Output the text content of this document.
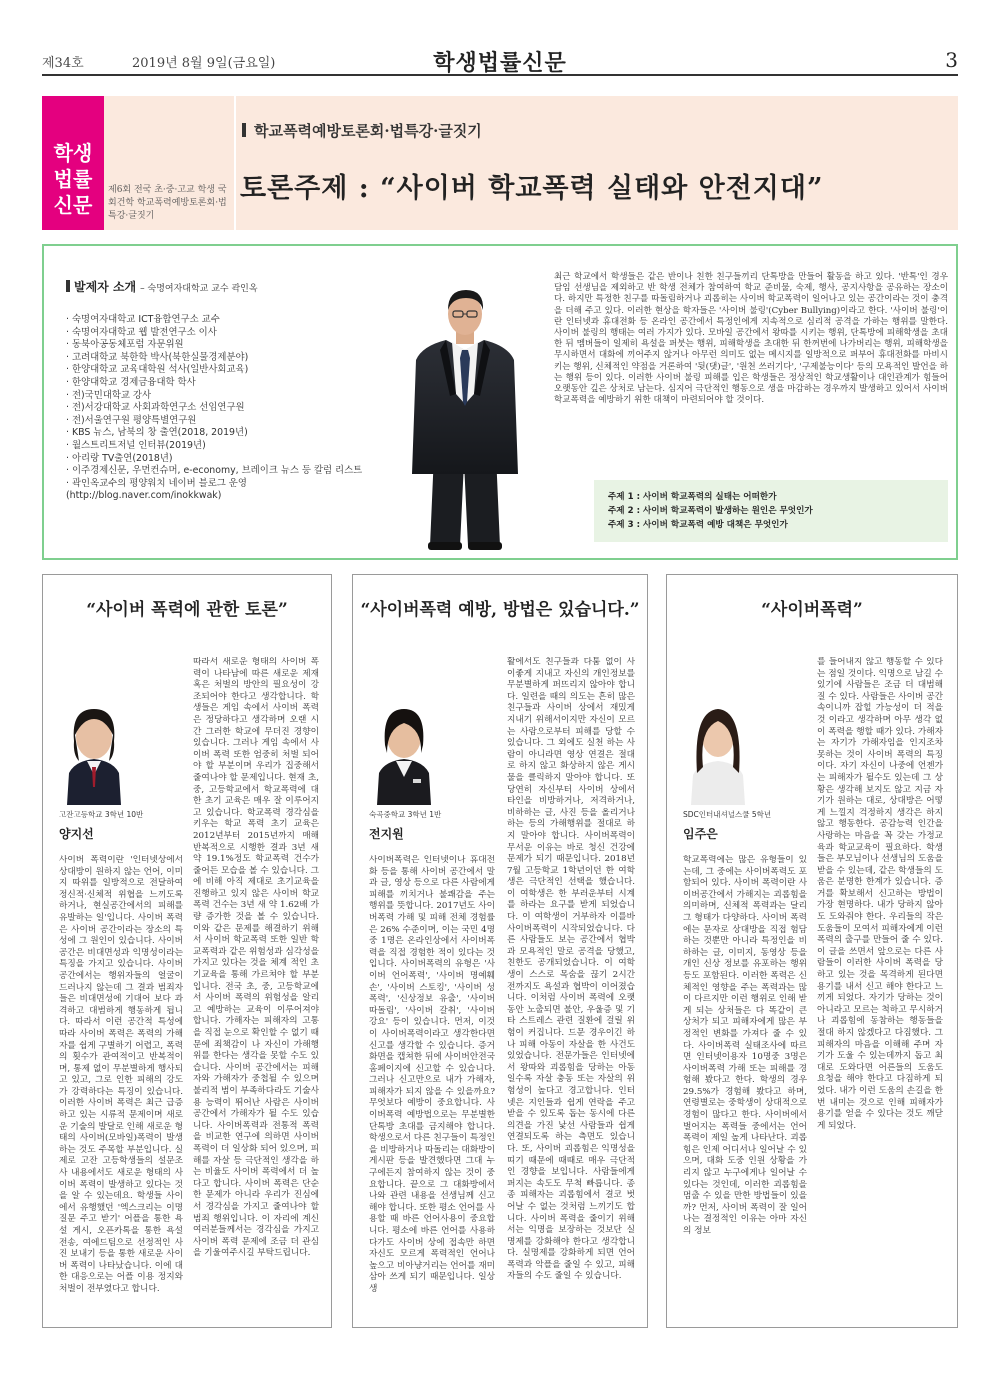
제34호	2019년 8월 9일(금요일)	학생법률신문	3
학생
법률
신문
제6회 전국 초·중·고교 학생 국회건학 학교폭력예방토론회·법특강·글짓기
학교폭력예방토론회·법특강·글짓기
토론주제 : “사이버 학교폭력 실태와 안전지대”
발제자 소개 – 숙명여자대학교 교수 곽인옥
· 숙명여자대학교 ICT융합연구소 교수
· 숙명여자대학교 웹 발전연구소 이사
· 동북아공동체포럼 자문위원
· 고려대학교 북한학 박사(북한실물경제분야)
· 한양대학교 교육대학원 석사(일반사회교육)
· 한양대학교 경제금융대학 학사
· 전)국민대학교 강사
· 전)서강대학교 사회과학연구소 선임연구원
· 전)서울연구원 평양특별연구원
· KBS 뉴스, 남북의 창 출연(2018, 2019년)
· 월스트리트저널 인터뷰(2019년)
· 아리랑 TV출연(2018년)
· 이주경제신문, 우먼컨슈머, e-economy, 브레이크 뉴스 등 칼럼 리스트
· 곽인옥교수의 평양워치 네이버 블로그 운영
(http://blog.naver.com/inokkwak)
최근 학교에서 학생들은 같은 반이나 친한 친구들끼리 단톡방을 만들어 활동을 하고 있다. '반톡'인 경우 담임 선생님을 제외하고 반 학생 전체가 참여하여 학교 준비물, 숙제, 행사, 공지사항을 공유하는 장소이다. 하지만 특정한 친구를 따돌림하거나 괴롭히는 사이버 학교폭력이 일어나고 있는 공간이라는 것이 충격을 더해 주고 있다. 이러한 현상을 학자들은 '사이버 불링'(Cyber Bullying)이라고 한다. '사이버 불링'이란 인터넷과 휴대전화 등 온라인 공간에서 특정인에게 지속적으로 심리적 공격을 가하는 행위를 말한다. 사이버 불링의 행태는 여러 가지가 있다. 모바일 공간에서 왕따를 시키는 행위, 단톡방에 피해학생을 초대한 뒤 멤버들이 일제히 욕설을 퍼붓는 행위, 피해학생을 초대한 뒤 한꺼번에 나가버리는 행위, 피해학생을 무시하면서 대화에 끼어주지 않거나 아무런 의미도 없는 메시지를 일방적으로 퍼부어 휴대전화를 마비시키는 행위, 신체적인 약점을 거론하여 '뒷(댓)글', '원천 쓰러기다', '구제불능이다' 등의 모욕적인 발언을 하는 행위 등이 있다. 이러한 사이버 불링 피해를 입은 학생들은 정상적인 학교생활이나 대인관계가 힘들어 오랫동안 깊은 상처로 남는다. 심지어 극단적인 행동으로 생을 마감하는 경우까지 발생하고 있어서 사이버 학교폭력을 예방하기 위한 대책이 마련되어야 할 것이다.
주제 1 : 사이버 학교폭력의 실태는 어떠한가
주제 2 : 사이버 학교폭력이 발생하는 원인은 무엇인가
주제 3 : 사이버 학교폭력 예방 대책은 무엇인가
“사이버 폭력에 관한 토론”
고잔고등학교 3학년 10반
양지선
사이버 폭력이란 '인터넷상에서 상대방이 원하지 않는 언어, 이미지 따위를 일방적으로 전달하여 정신적·신체적 위협을 느끼도록 하거나, 현실공간에서의 피해를 유발하는 일'입니다. 사이버 폭력은 사이버 공간이라는 장소의 특성에 그 원인이 있습니다. 사이버 공간은 비대면성과 익명성이라는 특징을 가지고 있습니다. 사이버 공간에서는 행위자들의 얼굴이 드러나지 않는데 그 결과 범죄자들은 비대면성에 기대어 보다 과격하고 대범하게 행동하게 됩니다. 따라서 이런 공간적 특성에 따라 사이버 폭력은 폭력의 가해자를 쉽게 구별하기 어렵고, 폭력의 횟수가 관여적이고 반복적이며, 통제 없이 무분별하게 행사되고 있고, 그로 인한 피해의 강도가 강력하다는 특징이 있습니다. 이러한 사이버 폭력은 최근 급증하고 있는 시류적 문제이며 새로운 기술의 발달로 인해 새로운 형태의 사이버(모바일)폭력이 발생하는 것도 주목할 부분입니다. 실제로 고잔 고등학생들의 설문조사 내용에서도 새로운 형태의 사이버 폭력이 발생하고 있다는 것을 알 수 있는데요. 학생들 사이에서 유행했던 '엑스크리는 이명 질문 주고 받기' 어플을 통한 욕설 게시, 오픈카톡을 통한 욕설 전송, 여에드팀으로 선정적인 사진 보내기 등을 통한 새로운 사이버 폭력이 나타났습니다. 이에 대한 대응으로는 어플 이용 정지와 처벌이 전부였다고 합니다.
따라서 새로운 형태의 사이버 폭력이 나타남에 따른 새로운 제재 혹은 처벌의 방안의 필요성이 강조되어야 한다고 생각합니다. 학생들은 게임 속에서 사이버 폭력은 정당하다고 생각하며 오랜 시간 그러한 학교에 무더진 경향이 있습니다. 그러나 게임 속에서 사이버 폭력 또한 엄중히 처벌 되어야 할 부분이며 우리가 집중해서 줄여나야 할 문제입니다. 현재 초, 중, 고등학교에서 학교폭력에 대한 초기 교육은 매우 잘 이루어지고 있습니다. 학교폭력 경각심을 키우는 학교 폭력 초기 교육은 2012년부터 2015년까지 매해 반복적으로 시행한 결과 3년 새 약 19.1%정도 학교폭력 건수가 줄어든 모습을 볼 수 있습니다. 그에 비해 아직 제대로 초기교육을 진행하고 있지 않은 사이버 학교폭력 건수는 3년 새 약 1.62배 가량 증가한 것을 볼 수 있습니다. 이와 같은 문제를 해결하기 위해서 사이버 학교폭력 또한 일반 학교폭력과 같은 위험성과 심각성을 가지고 있다는 것을 체계 적인 초기교육을 통해 가르쳐야 할 부분입니다. 전국 초, 중, 고등학교에서 사이버 폭력의 위험성을 알리고 예방하는 교육이 이루어져야 합니다. 가해자는 피해자의 고통을 직접 눈으로 확인할 수 없기 때문에 죄책감이 나 자신이 가해행위를 한다는 생각을 못할 수도 있습니다. 사이버 공간에서는 피해자와 가해자가 중첩될 수 있으며 불리적 범이 부족하다라도 기술사용 능력이 뛰어난 사람은 사이버 공간에서 가해자가 될 수도 있습니다. 사이버폭력과 전통적 폭력을 비교한 연구에 의하면 사이버폭력이 더 일상화 되어 있으며, 피해를 자살 등 극단적인 생각을 하는 비율도 사이버 폭력에서 더 높다고 합니다. 사이버 폭력은 단순한 문제가 아니라 우리가 진심에서 경각심을 가지고 줄여나야 할 범죄 행위입니다. 이 자리에 계신 여러분들께서는 경각심을 가지고 사이버 폭력 문제에 조금 더 관심을 기울여주시길 부탁드립니다.
“사이버폭력 예방, 방법은 있습니다.”
숙곡중학교 3학년 1반
전지원
사이버폭력은 인터넷이나 휴대전화 등을 통해 사이버 공간에서 말과 글, 영상 등으로 다른 사람에게 피해를 끼치거나 불쾌감을 주는 행위를 뜻합니다. 2017년도 사이버폭력 가해 및 피해 전체 경험률은 26% 수준이며, 이는 국민 4명중 1명은 온라인상에서 사이버폭력을 직접 경험한 적이 있다는 것입니다. 사이버폭력의 유형은 '사이버 언어폭력', '사이버 명예훼손', '사이버 스토킹', '사이버 성폭력', '신상정보 유출', '사이버 따돌림', '사이버 갈취', '사이버 강요' 등이 있습니다. 먼저, 이것이 사이버폭력이라고 생각한다면 신고를 생각할 수 있습니다. 증거화면을 캡쳐한 뒤에 사이버안전국 홈페이지에 신고할 수 있습니다. 그러나 신고만으로 내가 가해자, 피해자가 되지 않을 수 있을까요? 무엇보다 예방이 중요합니다. 사이버폭력 예방법으로는 무분별한 단톡방 초대를 금지해야 합니다. 학생으로서 다른 친구들이 특정인을 비방하거나 따돌리는 대화방이 게시판 등을 발견했다면 그대 누구에든지 참여하지 않는 것이 중요합니다. 끝으로 그 대화방에서 나와 관련 내용을 선생님께 신고해야 합니다. 또한 평소 언어를 사용할 때 바른 언어사용이 중요합니다. 평소에 바른 언어를 사용하다가도 사이버 상에 접속만 하면 자신도 모르게 폭력적인 언어나 높으고 비아냥거리는 언어를 재미삼아 쓰게 되기 때문입니다. 일상생
활에서도 친구들과 다툼 없이 사이좋게 지내고 자신의 개인정보를 무분별하게 퍼뜨리지 않아야 합니다. 일련을 때의 의도는 흔히 많은 친구들과 사이버 상에서 재밌게 지내기 위해서이지만 자신이 모르는 사람으로부터 피해를 당할 수 있습니다. 그 외에도 실천 하는 사람이 아니라면 영상 연결은 절대로 하지 않고 화상하지 않은 게시물을 클릭하지 말아야 합니다. 또 당연히 자신부터 사이버 상에서 타인을 비방하거나, 저격하거나, 비하하는 글, 사진 등을 올리거나 하는 등의 가해행위를 절대로 하지 말아야 합니다. 사이버폭력이 무서운 이유는 바로 청신 건강에 문제가 되기 때문입니다. 2018년 7월 고등학교 1학년이던 한 여학생은 극단적인 선택을 했습니다. 이 여학생은 한 부러운부터 시계를 하라는 요구를 받게 되었습니다. 이 여학생이 거부하자 이를바 사이버폭력이 시작되었습니다. 다른 사람들도 보는 공간에서 협박과 모욕적인 말로 공격을 당했고, 친한도 공개되었습니다. 이 여학생이 스스로 목숨을 끊기 2시간 전까지도 욕설과 협박이 이어졌습니다. 이처럼 사이버 폭력에 오랫동안 노출되면 불안, 우울증 및 기타 스트레스 관련 질환에 걸릴 위험이 커집니다. 드문 경우이긴 하나 피해 아동이 자살을 한 사건도 있었습니다. 전문가들은 인터넷에서 왕따와 괴롭힘을 당하는 아동일수록 자살 충동 또는 자살의 위험성이 높다고 경고합니다. 인터넷은 지인들과 쉽게 연락을 주고받을 수 있도록 돕는 동시에 다른 의견을 가진 낯선 사람들과 쉽게 연결되도록 하는 측면도 있습니다. 또, 사이버 괴롭힘은 익명성을 띠기 때문에 때때로 매우 극단적인 경향을 보입니다. 사람들에게 퍼지는 속도도 무척 빠릅니다. 종종 피해자는 괴롭힘에서 결코 벗어날 수 없는 것처럼 느끼기도 합니다. 사이버 폭력을 줄이기 위해서는 익명을 보장하는 것보단 실명제를 강화해야 한다고 생각합니다. 실명제를 강화하게 되면 언어폭력과 악플을 줄일 수 있고, 피해자들의 수도 줄일 수 있습니다.
“사이버폭력”
SDC인터내셔널스쿨 5학년
임주은
학교폭력에는 많은 유형들이 있는데, 그 중에는 사이버폭력도 포함되어 있다. 사이버 폭력이란 사이버공간에서 가해지는 괴롭힘을 의미하며, 신체적 폭력과는 달리 그 형태가 다양하다. 사이버 폭력에는 문자로 상대방을 직접 험담하는 것뿐만 아니라 특정인을 비하하는 글, 이미지, 동영상 등을 개인 신상 정보를 유포하는 행위 등도 포함된다. 이러한 폭력은 신체적인 영향을 주는 폭력과는 많이 다르지만 이런 행위로 인해 받게 되는 상처들은 다 똑같이 큰 상처가 되고 피해자에게 많은 부정적인 변화를 가져다 줄 수 있다. 사이버폭력 실태조사에 따르면 인터넷이용자 10명중 3명은 사이버폭력 가해 또는 피해를 경험해 봤다고 한다. 학생의 경우 29.5%가 경험해 봤다고 하며, 연령별로는 중학생이 상대적으로 경험이 많다고 한다. 사이버에서 벌어지는 폭력들 중에서는 언어폭력이 제일 높게 나타난다. 괴롭힘은 인제 어디서나 일어날 수 있으며, 대화 도중 인원 상황을 가리지 않고 누구에게나 일어날 수 있다는 것인데, 이러한 괴롭힘을 멈출 수 있을 만한 방법들이 있을까? 먼저, 사이버 폭력이 잘 일어나는 결정적인 이유는 아마 자신의 정보
를 들어내지 않고 행동할 수 있다는 점일 것이다. 익명으로 남길 수 있기에 사람들은 조금 더 대범해 질 수 있다. 사람들은 사이버 공간 속이니까 잡힐 가능성이 더 적을 것 이라고 생각하며 아무 생각 없이 폭력을 행할 때가 있다. 가해자는 자기가 가해자임을 인지조차 못하는 것이 사이버 폭력의 특징이다. 자기 자신이 나중에 언젠가는 피해자가 될수도 있는데 그 상황은 생각해 보지도 않고 지금 자기가 원하는 대로, 상대방은 어떻게 느낄지 걱정하지 생각은 하지 않고 행동한다. 공감능력 인간을 사랑하는 마음을 꼭 갖는 가정교육과 학교교육이 필요하다. 학생들은 부모님이나 선생님의 도움을 받을 수 있는데, 같은 학생들의 도움은 분명한 한계가 있습니다. 증거를 확보해서 신고하는 방법이 가장 현명하다. 내가 당하지 않아도 도와줘야 한다. 우리들의 작은 도움들이 모여서 피해자에게 이런 폭력의 출구를 만들어 줄 수 있다. 이 글을 쓰면서 앞으로는 다른 사람들이 이러한 사이버 폭력을 당하고 있는 것을 목격하게 된다면 용기를 내서 신고 해야 한다고 느끼게 되었다. 자기가 당하는 것이 아니라고 모르는 척하고 무시하거나 괴롭힘에 동참하는 행동들을 절대 하지 않겠다고 다짐했다. 그 피해자의 마음을 이해해 주며 자기가 도울 수 있는데까지 돕고 최대로 도와다면 어른들의 도움도 요청을 해야 한다고 다짐하게 되었다. 내가 이런 도움의 손길을 한번 내미는 것으로 인해 피해자가 용기를 얻을 수 있다는 것도 깨닫게 되었다.
